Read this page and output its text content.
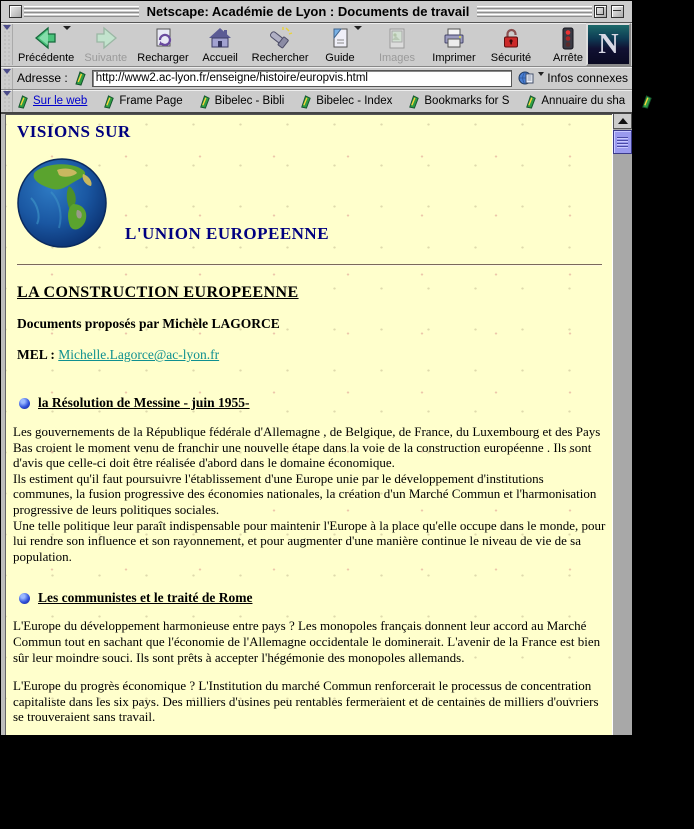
Netscape: Académie de Lyon : Documents de travail
Précédente Suivante Recharger Accueil Rechercher Guide Images Imprimer Sécurité Arrête N
Adresse :
http://www2.ac-lyon.fr/enseigne/histoire/europvis.html	Infos connexes
Sur le web	Frame Page	Bibelec - Bibli	Bibelec - Index	Bookmarks for S	Annuaire du sha	Les tes
VISIONS SUR
L'UNION EUROPEENNE
LA CONSTRUCTION EUROPEENNE
Documents proposés par Michèle LAGORCE
MEL : Michelle.Lagorce@ac-lyon.fr
la Résolution de Messine - juin 1955-

Les gouvernements de la République fédérale d'Allemagne , de Belgique, de France, du Luxembourg et des Pays Bas croient le moment venu de franchir une nouvelle étape dans la voie de la construction européenne . Ils sont d'avis que celle-ci doit être réalisée d'abord dans le domaine économique.

Ils estiment qu'il faut poursuivre l'établissement d'une Europe unie par le développement d'institutions communes, la fusion progressive des économies nationales, la création d'un Marché Commun et l'harmonisation progressive de leurs politiques sociales.

Une telle politique leur paraît indispensable pour maintenir l'Europe à la place qu'elle occupe dans le monde, pour lui rendre son influence et son rayonnement, et pour augmenter d'une manière continue le niveau de vie de sa population.

Les communistes et le traité de Rome

L'Europe du développement harmonieuse entre pays ? Les monopoles français donnent leur accord au Marché Commun tout en sachant que l'économie de l'Allemagne occidentale le dominerait. L'avenir de la France est bien sûr leur moindre souci. Ils sont prêts à accepter l'hégémonie des monopoles allemands.

L'Europe du progrès économique ? L'Institution du marché Commun renforcerait le processus de concentration capitaliste dans les six pays. Des milliers d'usines peu rentables fermeraient et de centaines de milliers d'ouvriers se trouveraient sans travail.

L'Europe du progrès social ? Les conquêtes sociales de la classe ouvrière française sont plus élevées que celles des autres pays du Marché Commun. Les capitalistes français se plaignent de ce qu'elles créent des " distorsions " dans les prix de revient. Le traité prévoit l'égalisation des "charges sociales ". Pour les patrons, c'est d'égalisation par le bas qu'il s'agit.

L'Humanité - 22 mars 1957
